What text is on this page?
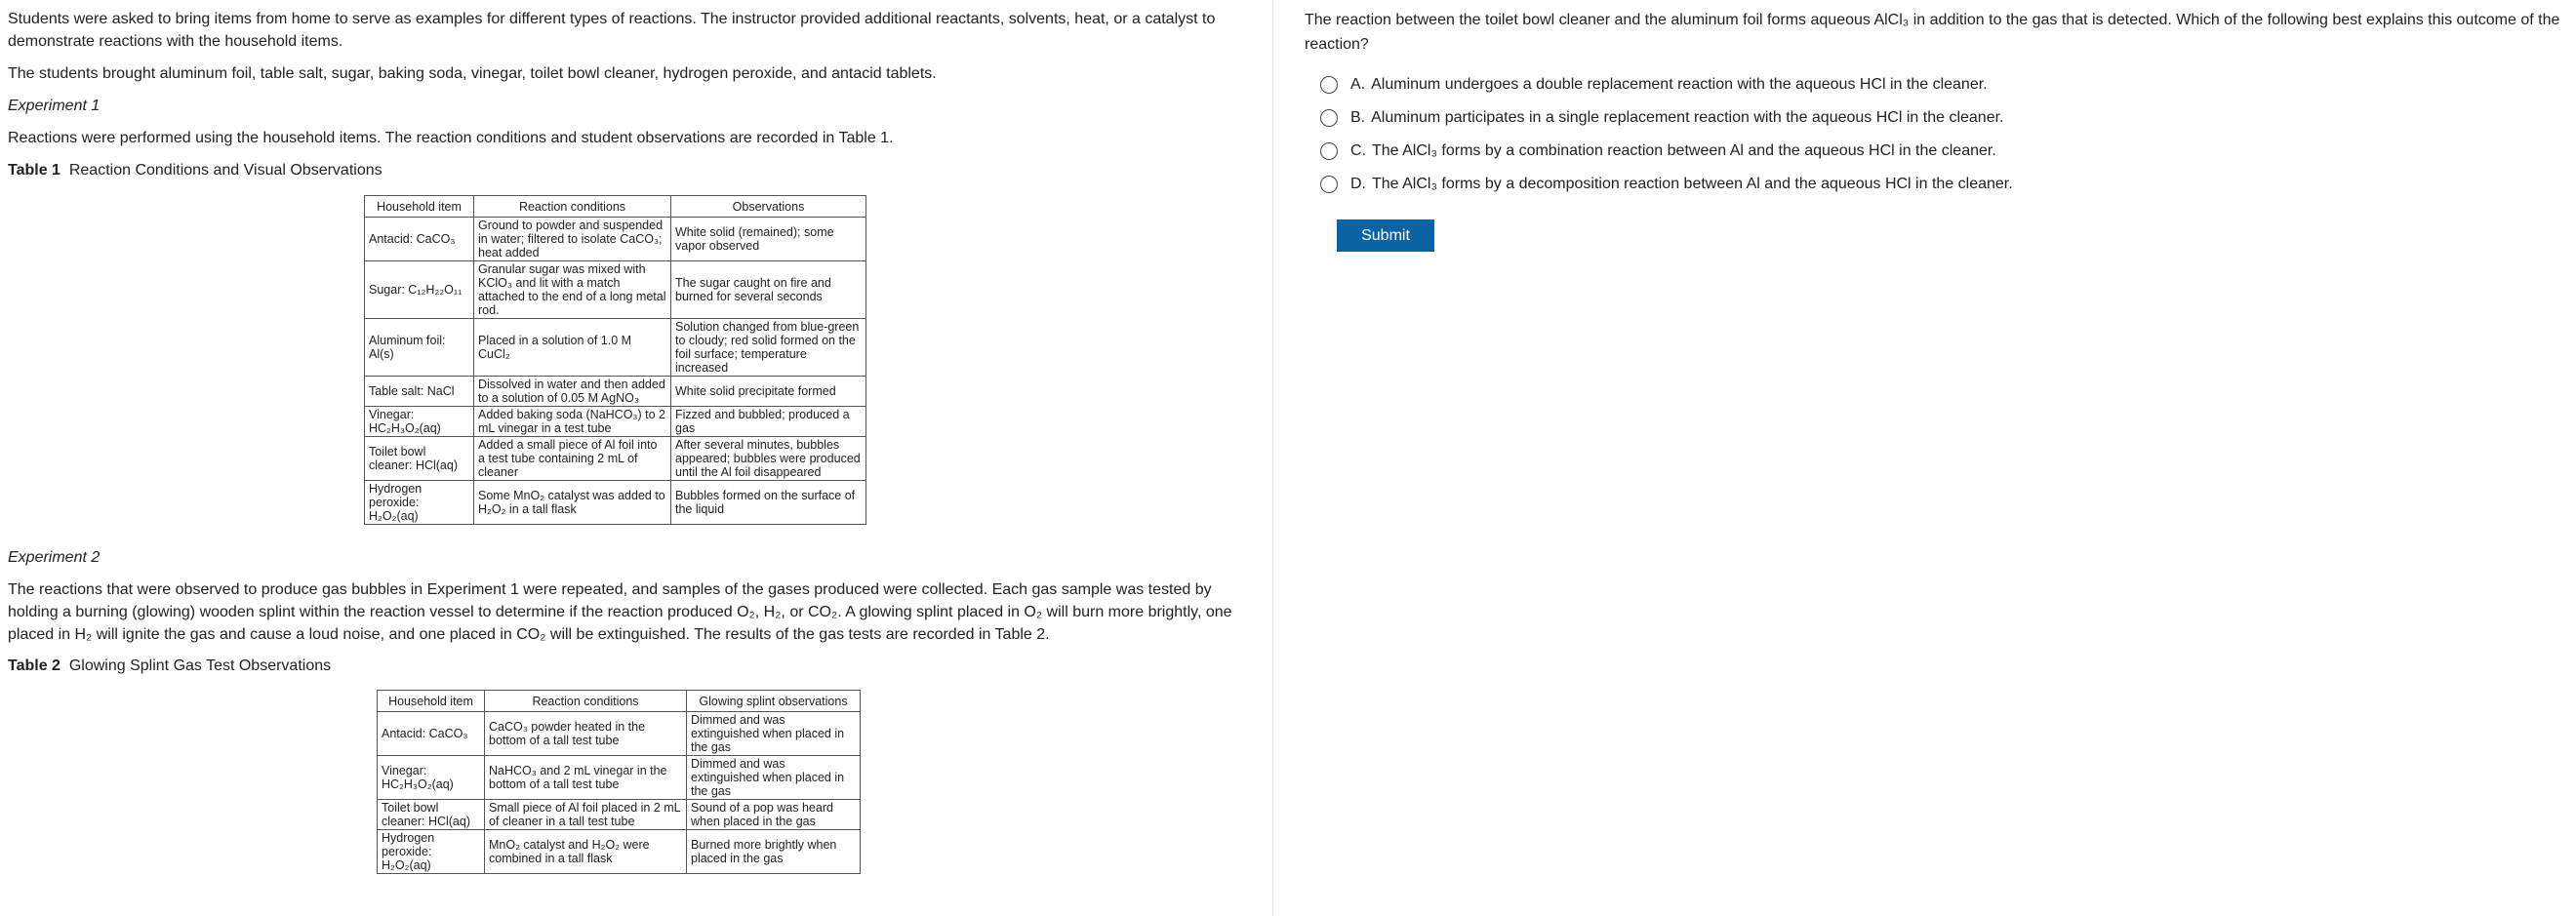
Students were asked to bring items from home to serve as examples for different types of reactions. The instructor provided additional reactants, solvents, heat, or a catalyst to demonstrate reactions with the household items.

The students brought aluminum foil, table salt, sugar, baking soda, vinegar, toilet bowl cleaner, hydrogen peroxide, and antacid tablets.

Experiment 1

Reactions were performed using the household items. The reaction conditions and student observations are recorded in Table 1.

Table 1 Reaction Conditions and Visual Observations

Household item	Reaction conditions	Observations
Antacid: CaCO₃	Ground to powder and suspended in water; filtered to isolate CaCO₃; heat added	White solid (remained); some vapor observed
Sugar: C₁₂H₂₂O₁₁	Granular sugar was mixed with KClO₃ and lit with a match attached to the end of a long metal rod.	The sugar caught on fire and burned for several seconds
Aluminum foil: Al(s)	Placed in a solution of 1.0 M CuCl₂	Solution changed from blue-green to cloudy; red solid formed on the foil surface; temperature increased
Table salt: NaCl	Dissolved in water and then added to a solution of 0.05 M AgNO₃	White solid precipitate formed
Vinegar: HC₂H₃O₂(aq)	Added baking soda (NaHCO₃) to 2 mL vinegar in a test tube	Fizzed and bubbled; produced a gas
Toilet bowl cleaner: HCl(aq)	Added a small piece of Al foil into a test tube containing 2 mL of cleaner	After several minutes, bubbles appeared; bubbles were produced until the Al foil disappeared
Hydrogen peroxide: H₂O₂(aq)	Some MnO₂ catalyst was added to H₂O₂ in a tall flask	Bubbles formed on the surface of the liquid

Experiment 2

The reactions that were observed to produce gas bubbles in Experiment 1 were repeated, and samples of the gases produced were collected. Each gas sample was tested by holding a burning (glowing) wooden splint within the reaction vessel to determine if the reaction produced O₂, H₂, or CO₂. A glowing splint placed in O₂ will burn more brightly, one placed in H₂ will ignite the gas and cause a loud noise, and one placed in CO₂ will be extinguished. The results of the gas tests are recorded in Table 2.

Table 2 Glowing Splint Gas Test Observations

Household item	Reaction conditions	Glowing splint observations
Antacid: CaCO₃	CaCO₃ powder heated in the bottom of a tall test tube	Dimmed and was extinguished when placed in the gas
Vinegar: HC₂H₃O₂(aq)	NaHCO₃ and 2 mL vinegar in the bottom of a tall test tube	Dimmed and was extinguished when placed in the gas
Toilet bowl cleaner: HCl(aq)	Small piece of Al foil placed in 2 mL of cleaner in a tall test tube	Sound of a pop was heard when placed in the gas
Hydrogen peroxide: H₂O₂(aq)	MnO₂ catalyst and H₂O₂ were combined in a tall flask	Burned more brightly when placed in the gas

The reaction between the toilet bowl cleaner and the aluminum foil forms aqueous AlCl₃ in addition to the gas that is detected. Which of the following best explains this outcome of the reaction?

A. Aluminum undergoes a double replacement reaction with the aqueous HCl in the cleaner.
B. Aluminum participates in a single replacement reaction with the aqueous HCl in the cleaner.
C. The AlCl₃ forms by a combination reaction between Al and the aqueous HCl in the cleaner.
D. The AlCl₃ forms by a decomposition reaction between Al and the aqueous HCl in the cleaner.
Submit
